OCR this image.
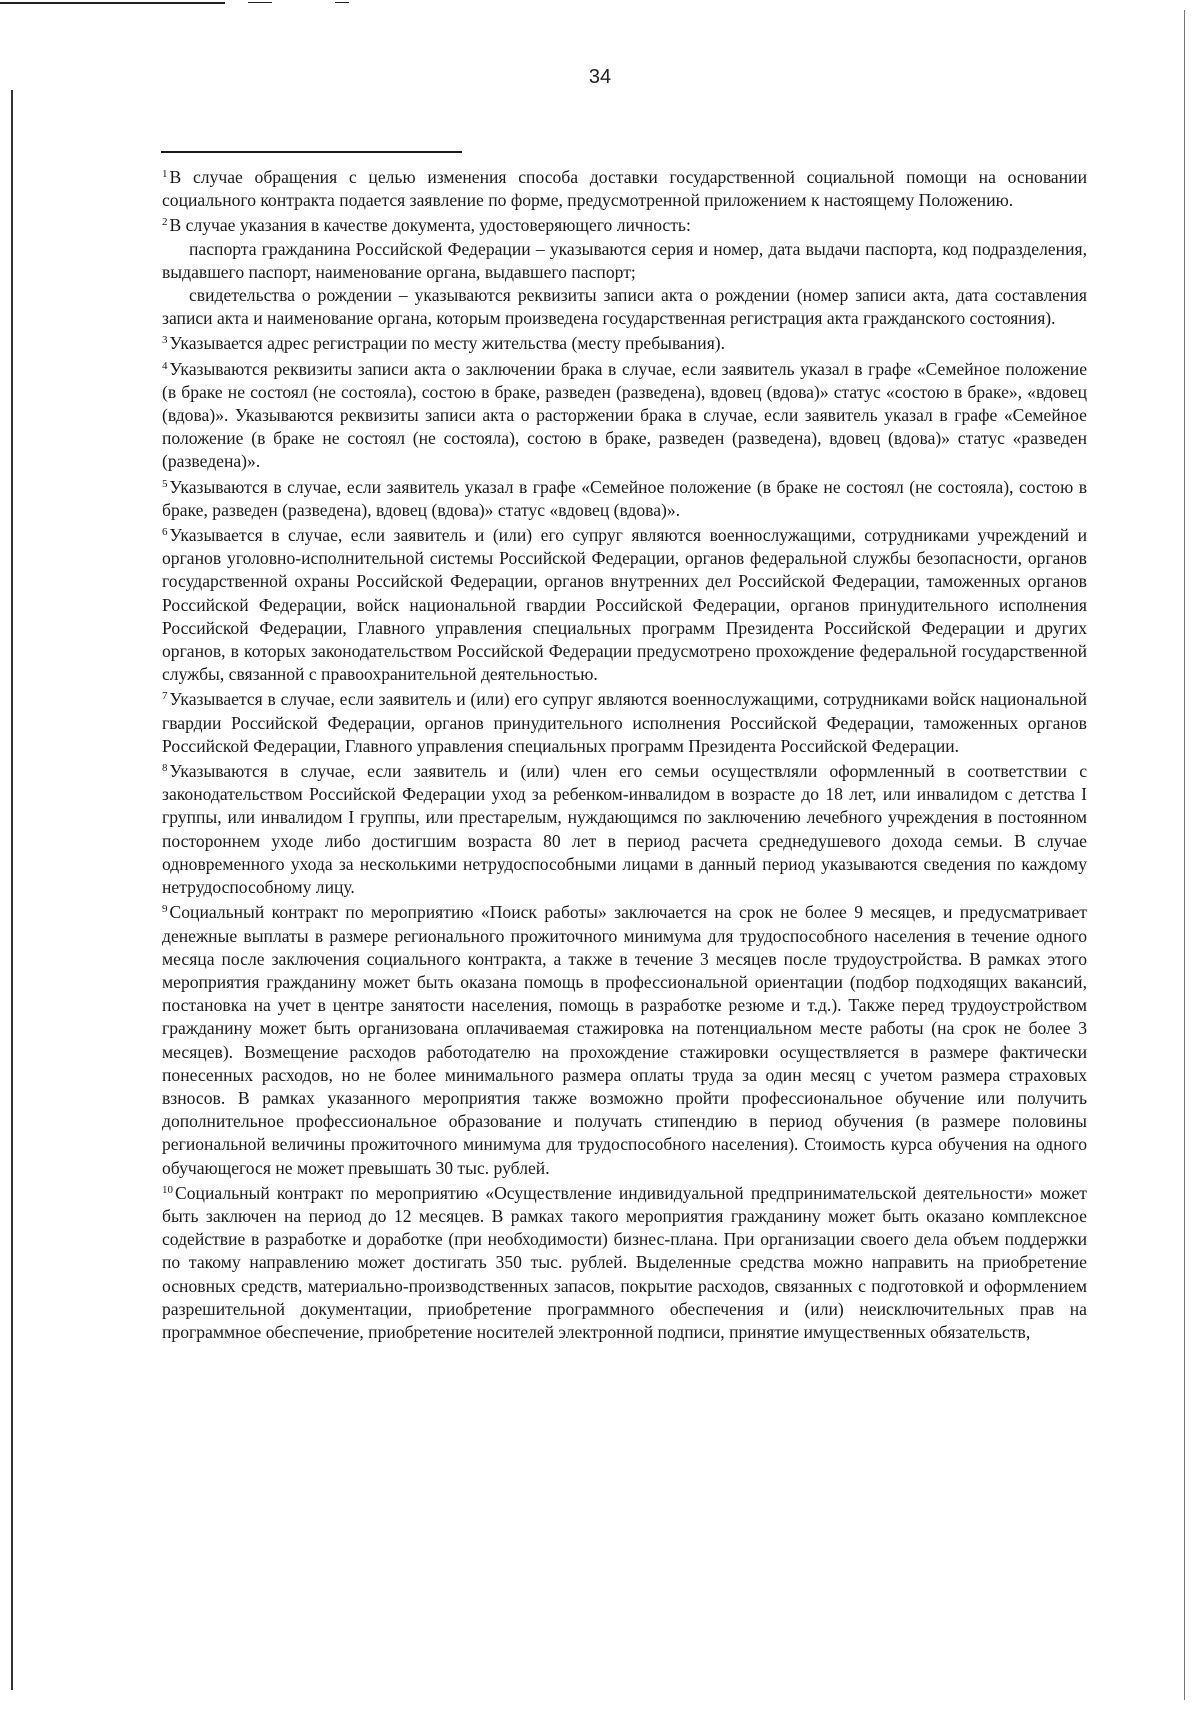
34
$^1$ В случае обращения с целью изменения способа доставки государственной социальной помощи на основании социального контракта подается заявление по форме, предусмотренной приложением к настоящему Положению.
$^2$ В случае указания в качестве документа, удостоверяющего личность:
паспорта гражданина Российской Федерации – указываются серия и номер, дата выдачи паспорта, код подразделения, выдавшего паспорт, наименование органа, выдавшего паспорт;
свидетельства о рождении – указываются реквизиты записи акта о рождении (номер записи акта, дата составления записи акта и наименование органа, которым произведена государственная регистрация акта гражданского состояния).
$^3$ Указывается адрес регистрации по месту жительства (месту пребывания).
$^4$ Указываются реквизиты записи акта о заключении брака в случае, если заявитель указал в графе «Семейное положение (в браке не состоял (не состояла), состою в браке, разведен (разведена), вдовец (вдова)» статус «состою в браке», «вдовец (вдова)». Указываются реквизиты записи акта о расторжении брака в случае, если заявитель указал в графе «Семейное положение (в браке не состоял (не состояла), состою в браке, разведен (разведена), вдовец (вдова)» статус «разведен (разведена)».
$^5$ Указываются в случае, если заявитель указал в графе «Семейное положение (в браке не состоял (не состояла), состою в браке, разведен (разведена), вдовец (вдова)» статус «вдовец (вдова)».
$^6$ Указывается в случае, если заявитель и (или) его супруг являются военнослужащими, сотрудниками учреждений и органов уголовно-исполнительной системы Российской Федерации, органов федеральной службы безопасности, органов государственной охраны Российской Федерации, органов внутренних дел Российской Федерации, таможенных органов Российской Федерации, войск национальной гвардии Российской Федерации, органов принудительного исполнения Российской Федерации, Главного управления специальных программ Президента Российской Федерации и других органов, в которых законодательством Российской Федерации предусмотрено прохождение федеральной государственной службы, связанной с правоохранительной деятельностью.
$^7$ Указывается в случае, если заявитель и (или) его супруг являются военнослужащими, сотрудниками войск национальной гвардии Российской Федерации, органов принудительного исполнения Российской Федерации, таможенных органов Российской Федерации, Главного управления специальных программ Президента Российской Федерации.
$^8$ Указываются в случае, если заявитель и (или) член его семьи осуществляли оформленный в соответствии с законодательством Российской Федерации уход за ребенком-инвалидом в возрасте до 18 лет, или инвалидом с детства I группы, или инвалидом I группы, или престарелым, нуждающимся по заключению лечебного учреждения в постоянном постороннем уходе либо достигшим возраста 80 лет в период расчета среднедушевого дохода семьи. В случае одновременного ухода за несколькими нетрудоспособными лицами в данный период указываются сведения по каждому нетрудоспособному лицу.
$^9$ Социальный контракт по мероприятию «Поиск работы» заключается на срок не более 9 месяцев, и предусматривает денежные выплаты в размере регионального прожиточного минимума для трудоспособного населения в течение одного месяца после заключения социального контракта, а также в течение 3 месяцев после трудоустройства. В рамках этого мероприятия гражданину может быть оказана помощь в профессиональной ориентации (подбор подходящих вакансий, постановка на учет в центре занятости населения, помощь в разработке резюме и т.д.). Также перед трудоустройством гражданину может быть организована оплачиваемая стажировка на потенциальном месте работы (на срок не более 3 месяцев). Возмещение расходов работодателю на прохождение стажировки осуществляется в размере фактически понесенных расходов, но не более минимального размера оплаты труда за один месяц с учетом размера страховых взносов. В рамках указанного мероприятия также возможно пройти профессиональное обучение или получить дополнительное профессиональное образование и получать стипендию в период обучения (в размере половины региональной величины прожиточного минимума для трудоспособного населения). Стоимость курса обучения на одного обучающегося не может превышать 30 тыс. рублей.
$^{10}$ Социальный контракт по мероприятию «Осуществление индивидуальной предпринимательской деятельности» может быть заключен на период до 12 месяцев. В рамках такого мероприятия гражданину может быть оказано комплексное содействие в разработке и доработке (при необходимости) бизнес-плана. При организации своего дела объем поддержки по такому направлению может достигать 350 тыс. рублей. Выделенные средства можно направить на приобретение основных средств, материально-производственных запасов, покрытие расходов, связанных с подготовкой и оформлением разрешительной документации, приобретение программного обеспечения и (или) неисключительных прав на программное обеспечение, приобретение носителей электронной подписи, принятие имущественных обязательств,
